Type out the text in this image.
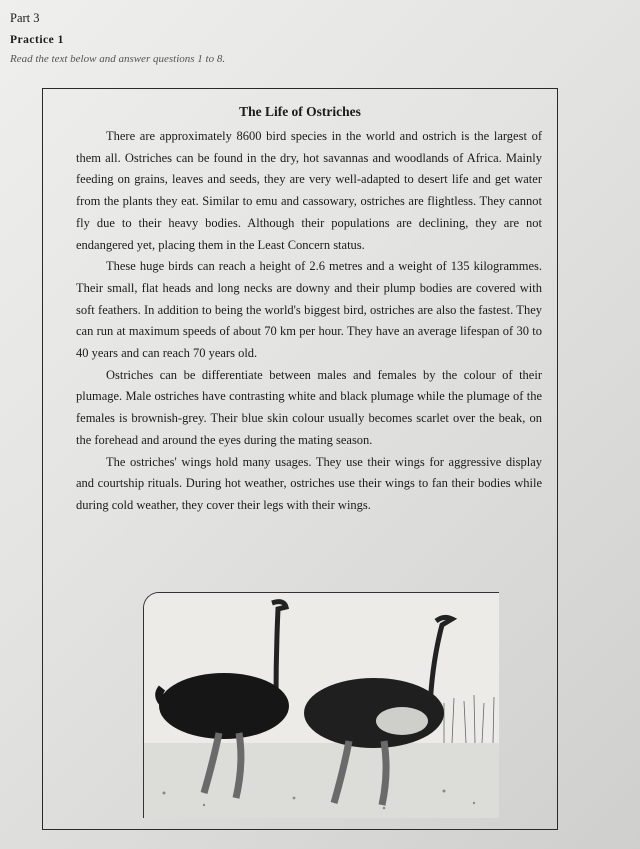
Part 3
Practice 1
Read the text below and answer questions 1 to 8.
The Life of Ostriches

There are approximately 8600 bird species in the world and ostrich is the largest of them all. Ostriches can be found in the dry, hot savannas and woodlands of Africa. Mainly feeding on grains, leaves and seeds, they are very well-adapted to desert life and get water from the plants they eat. Similar to emu and cassowary, ostriches are flightless. They cannot fly due to their heavy bodies. Although their populations are declining, they are not endangered yet, placing them in the Least Concern status.

These huge birds can reach a height of 2.6 metres and a weight of 135 kilogrammes. Their small, flat heads and long necks are downy and their plump bodies are covered with soft feathers. In addition to being the world's biggest bird, ostriches are also the fastest. They can run at maximum speeds of about 70 km per hour. They have an average lifespan of 30 to 40 years and can reach 70 years old.

Ostriches can be differentiate between males and females by the colour of their plumage. Male ostriches have contrasting white and black plumage while the plumage of the females is brownish-grey. Their blue skin colour usually becomes scarlet over the beak, on the forehead and around the eyes during the mating season.

The ostriches' wings hold many usages. They use their wings for aggressive display and courtship rituals. During hot weather, ostriches use their wings to fan their bodies while during cold weather, they cover their legs with their wings.
